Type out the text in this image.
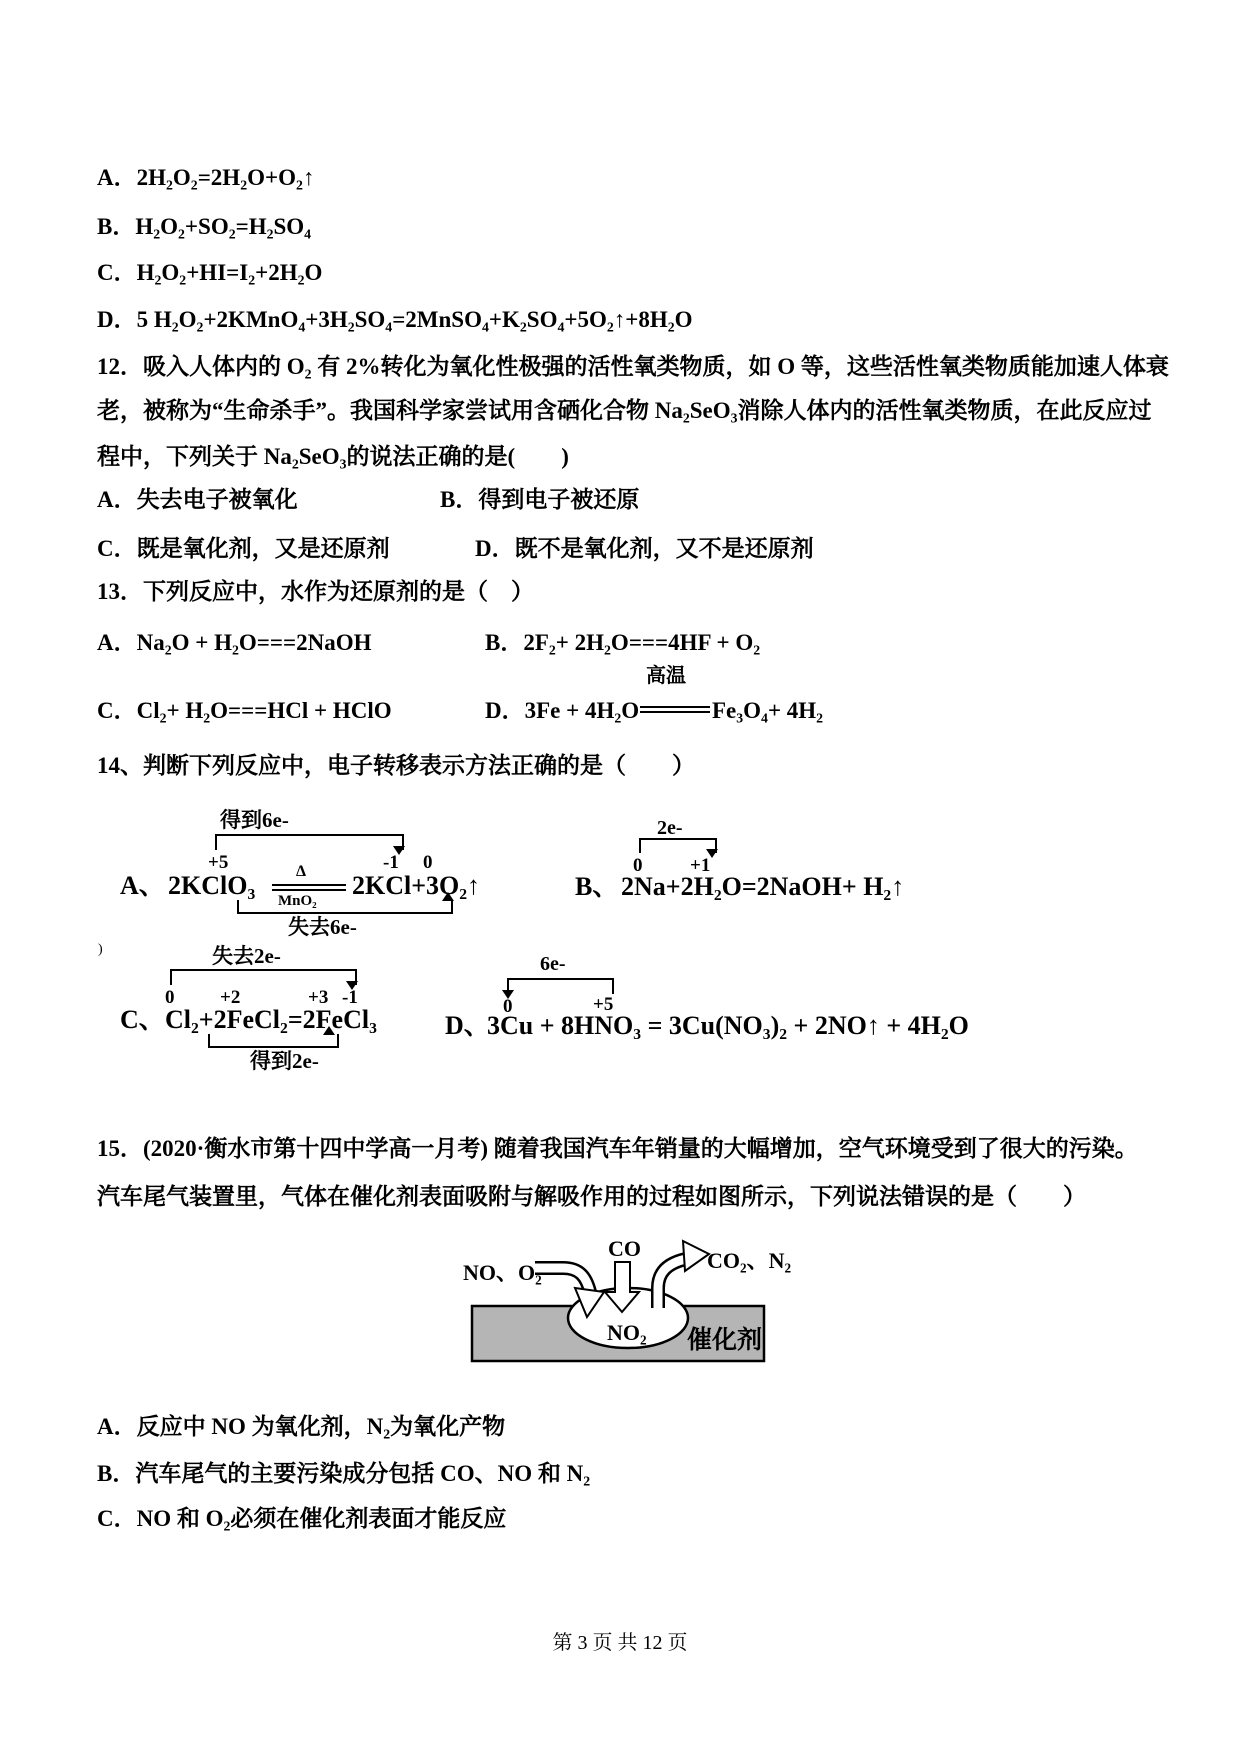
A．2H₂O₂=2H₂O+O₂↑
B．H₂O₂+SO₂=H₂SO₄
C．H₂O₂+HI=I₂+2H₂O
D．5 H₂O₂+2KMnO₄+3H₂SO₄=2MnSO₄+K₂SO₄+5O₂↑+8H₂O
12．吸入人体内的 O₂ 有 2%转化为氧化性极强的活性氧类物质，如 O 等，这些活性氧类物质能加速人体衰
老，被称为“生命杀手”。我国科学家尝试用含硒化合物 Na₂SeO₃消除人体内的活性氧类物质，在此反应过
程中，下列关于 Na₂SeO₃的说法正确的是(　　)
A．失去电子被氧化	B．得到电子被还原
C．既是氧化剂，又是还原剂	D．既不是氧化剂，又不是还原剂
13．下列反应中，水作为还原剂的是（　）
A．Na₂O + H₂O===2NaOH	B．2F₂+ 2H₂O===4HF + O₂
C．Cl₂+ H₂O===HCl + HClO	D．3Fe + 4H₂O
高温
Fe₃O₄+ 4H₂
14、判断下列反应中，电子转移表示方法正确的是（　　）
得到6e-
+5	-1 0
A、 2KClO₃	Δ
MnO₂
2KCl+3O₂↑
失去6e-
2e-
0	+1
B、 2Na+2H₂O=2NaOH+ H₂↑
)	失去2e-
0 +2	+3 -1
C、 Cl₂+2FeCl₂=2FeCl₃
得到2e-
6e-
0	+5
D、
3Cu + 8HNO₃ = 3Cu(NO₃)₂ + 2NO↑ + 4H₂O
15．(2020·衡水市第十四中学高一月考) 随着我国汽车年销量的大幅增加，空气环境受到了很大的污染。
汽车尾气装置里，气体在催化剂表面吸附与解吸作用的过程如图所示，下列说法错误的是（　　）
CO
NO、O₂	CO₂、N₂
NO₂ 催化剂
A．反应中 NO 为氧化剂，N₂为氧化产物
B．汽车尾气的主要污染成分包括 CO、NO 和 N₂
C．NO 和 O₂必须在催化剂表面才能反应
第 3 页 共 12 页
